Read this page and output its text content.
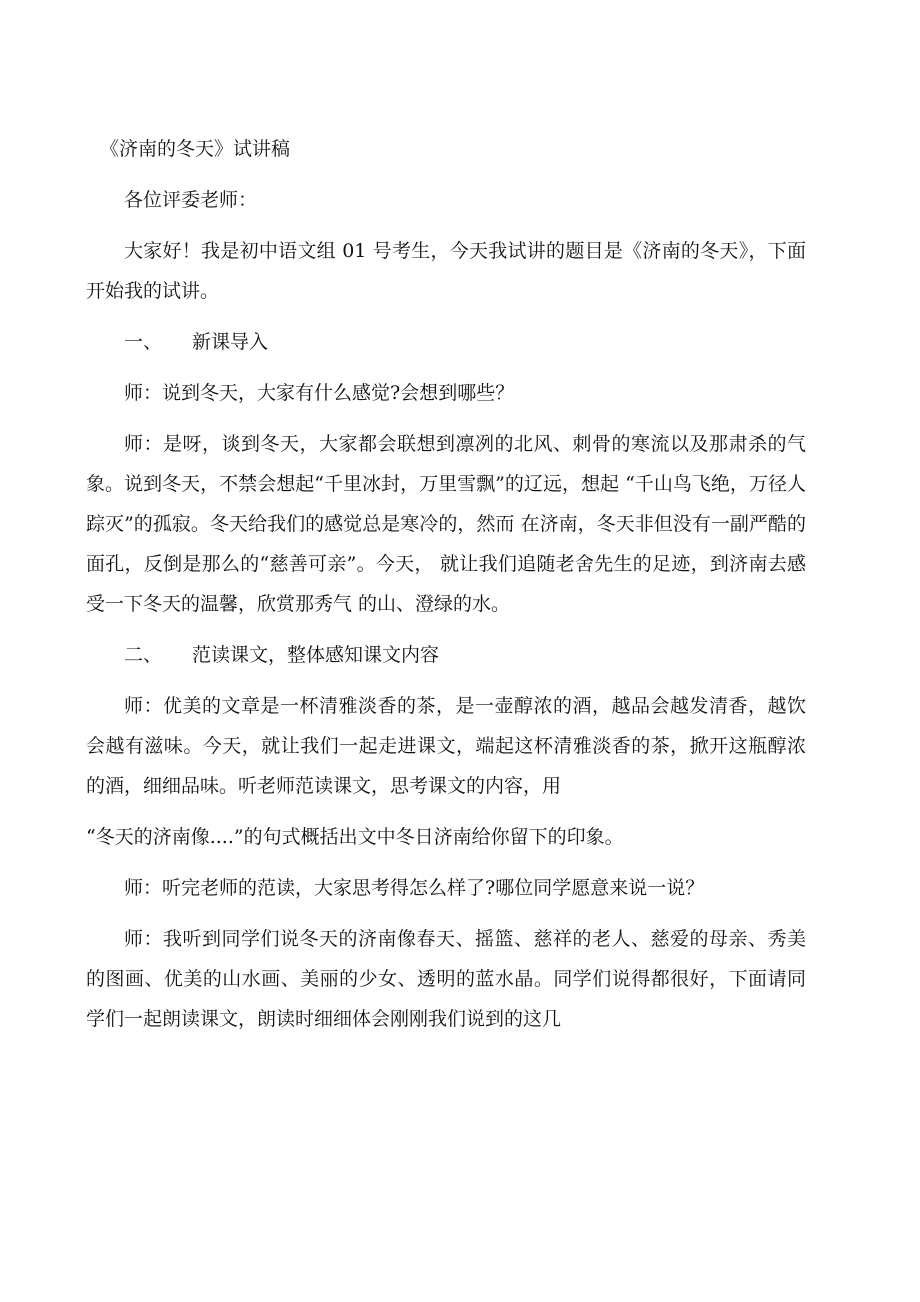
《济南的冬天》试讲稿

各位评委老师：

大家好！我是初中语文组 01 号考生，今天我试讲的题目是《济南的冬天》，下面开始我的试讲。

一、 新课导入

师：说到冬天，大家有什么感觉?会想到哪些？

师：是呀，谈到冬天，大家都会联想到凛冽的北风、刺骨的寒流以及那肃杀的气象。说到冬天，不禁会想起“千里冰封，万里雪飘”的辽远，想起 “千山鸟飞绝，万径人踪灭”的孤寂。冬天给我们的感觉总是寒冷的，然而 在济南，冬天非但没有一副严酷的面孔，反倒是那么的“慈善可亲”。今天， 就让我们追随老舍先生的足迹，到济南去感受一下冬天的温馨，欣赏那秀气 的山、澄绿的水。

二、 范读课文，整体感知课文内容

师：优美的文章是一杯清雅淡香的茶，是一壶醇浓的酒，越品会越发清香，越饮会越有滋味。今天，就让我们一起走进课文，端起这杯清雅淡香的茶，掀开这瓶醇浓的酒，细细品味。听老师范读课文，思考课文的内容，用

“冬天的济南像....”的句式概括出文中冬日济南给你留下的印象。

师：听完老师的范读，大家思考得怎么样了?哪位同学愿意来说一说？

师：我听到同学们说冬天的济南像春天、摇篮、慈祥的老人、慈爱的母亲、秀美的图画、优美的山水画、美丽的少女、透明的蓝水晶。同学们说得都很好，下面请同学们一起朗读课文，朗读时细细体会刚刚我们说到的这几
